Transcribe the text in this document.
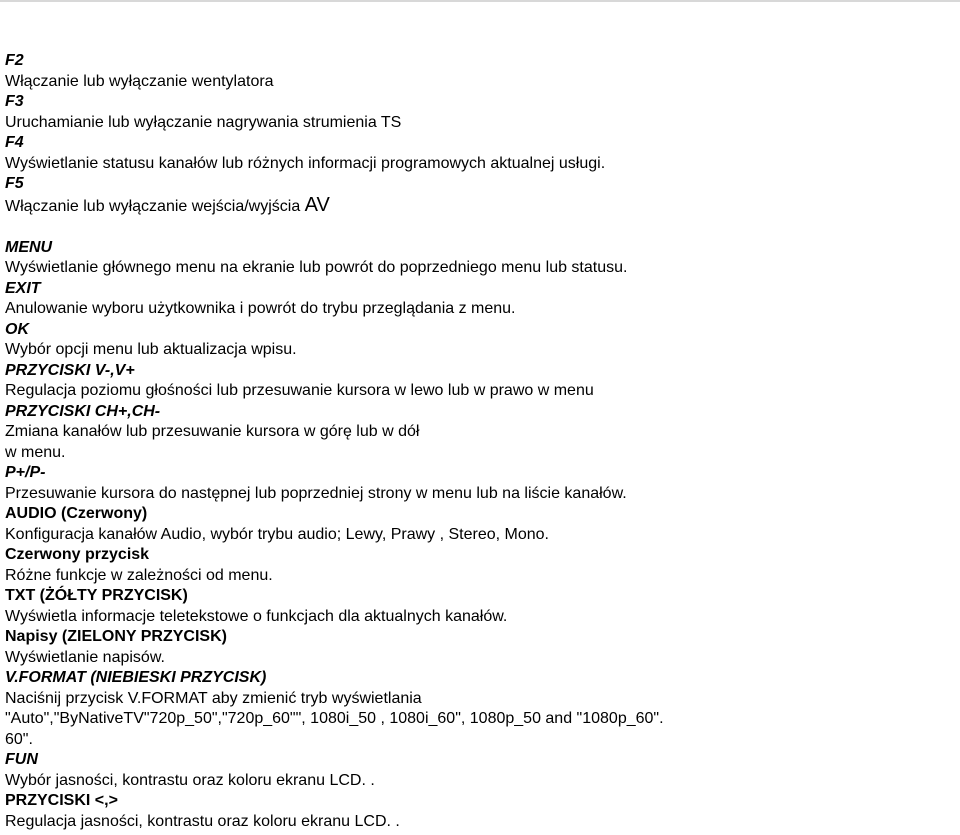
F2
Włączanie lub wyłączanie wentylatora
F3
Uruchamianie lub wyłączanie nagrywania strumienia TS
F4
Wyświetlanie statusu kanałów lub różnych informacji programowych aktualnej usługi.
F5
Włączanie lub wyłączanie wejścia/wyjścia AV
MENU
Wyświetlanie głównego menu na ekranie lub powrót do poprzedniego menu lub statusu.
EXIT
Anulowanie wyboru użytkownika i powrót do trybu przeglądania z menu.
OK
Wybór opcji menu lub aktualizacja wpisu.
PRZYCISKI V-,V+
Regulacja poziomu głośności lub przesuwanie kursora w lewo lub w prawo w menu
PRZYCISKI CH+,CH-
Zmiana kanałów lub przesuwanie kursora w górę lub w dół
w menu.
P+/P-
Przesuwanie kursora do następnej lub poprzedniej strony w menu lub na liście kanałów.
AUDIO (Czerwony)
Konfiguracja kanałów Audio, wybór trybu audio; Lewy, Prawy , Stereo, Mono.
Czerwony przycisk
Różne funkcje w zależności od menu.
TXT (ŻÓŁTY PRZYCISK)
Wyświetla informacje teletekstowe o funkcjach dla aktualnych kanałów.
Napisy (ZIELONY PRZYCISK)
Wyświetlanie napisów.
V.FORMAT (NIEBIESKI PRZYCISK)
Naciśnij przycisk V.FORMAT aby zmienić tryb wyświetlania
"Auto","ByNativeTV"720p_50","720p_60"", 1080i_50 , 1080i_60", 1080p_50 and "1080p_60".
60".
FUN
Wybór jasności, kontrastu oraz koloru ekranu LCD. .
PRZYCISKI <,>
Regulacja jasności, kontrastu oraz koloru ekranu LCD. .
